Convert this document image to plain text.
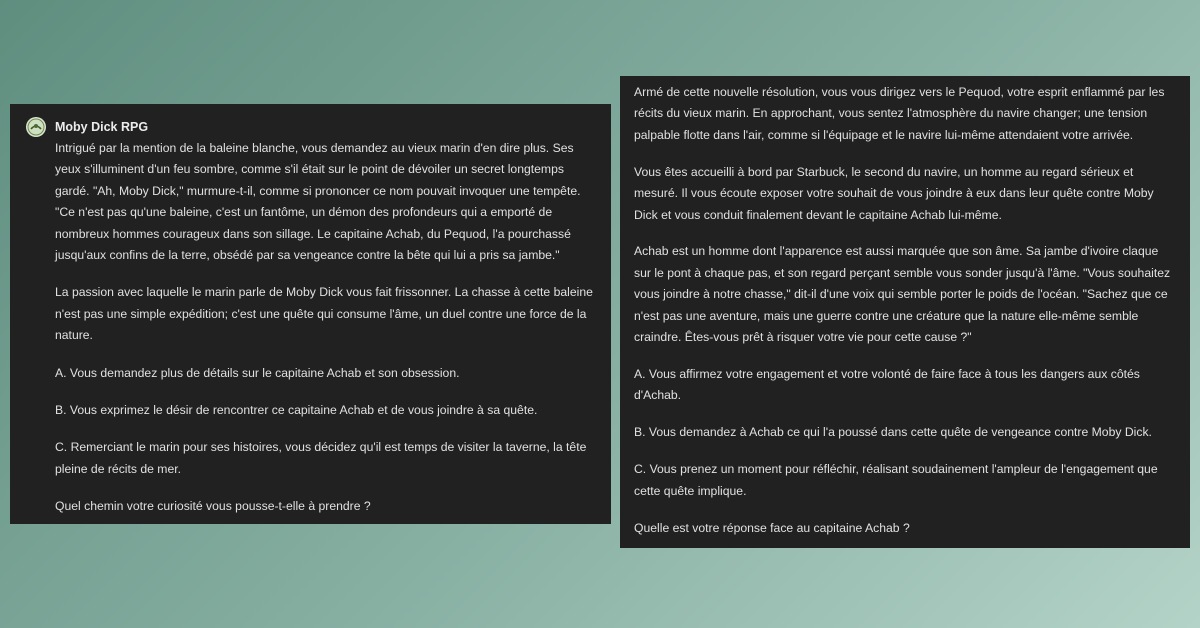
Moby Dick RPG

Intrigué par la mention de la baleine blanche, vous demandez au vieux marin d'en dire plus. Ses yeux s'illuminent d'un feu sombre, comme s'il était sur le point de dévoiler un secret longtemps gardé. "Ah, Moby Dick," murmure-t-il, comme si prononcer ce nom pouvait invoquer une tempête. "Ce n'est pas qu'une baleine, c'est un fantôme, un démon des profondeurs qui a emporté de nombreux hommes courageux dans son sillage. Le capitaine Achab, du Pequod, l'a pourchassé jusqu'aux confins de la terre, obsédé par sa vengeance contre la bête qui lui a pris sa jambe."

La passion avec laquelle le marin parle de Moby Dick vous fait frissonner. La chasse à cette baleine n'est pas une simple expédition; c'est une quête qui consume l'âme, un duel contre une force de la nature.

A. Vous demandez plus de détails sur le capitaine Achab et son obsession.

B. Vous exprimez le désir de rencontrer ce capitaine Achab et de vous joindre à sa quête.

C. Remerciant le marin pour ses histoires, vous décidez qu'il est temps de visiter la taverne, la tête pleine de récits de mer.

Quel chemin votre curiosité vous pousse-t-elle à prendre ?

Armé de cette nouvelle résolution, vous vous dirigez vers le Pequod, votre esprit enflammé par les récits du vieux marin. En approchant, vous sentez l'atmosphère du navire changer; une tension palpable flotte dans l'air, comme si l'équipage et le navire lui-même attendaient votre arrivée.

Vous êtes accueilli à bord par Starbuck, le second du navire, un homme au regard sérieux et mesuré. Il vous écoute exposer votre souhait de vous joindre à eux dans leur quête contre Moby Dick et vous conduit finalement devant le capitaine Achab lui-même.

Achab est un homme dont l'apparence est aussi marquée que son âme. Sa jambe d'ivoire claque sur le pont à chaque pas, et son regard perçant semble vous sonder jusqu'à l'âme. "Vous souhaitez vous joindre à notre chasse," dit-il d'une voix qui semble porter le poids de l'océan. "Sachez que ce n'est pas une aventure, mais une guerre contre une créature que la nature elle-même semble craindre. Êtes-vous prêt à risquer votre vie pour cette cause ?"

A. Vous affirmez votre engagement et votre volonté de faire face à tous les dangers aux côtés d'Achab.

B. Vous demandez à Achab ce qui l'a poussé dans cette quête de vengeance contre Moby Dick.

C. Vous prenez un moment pour réfléchir, réalisant soudainement l'ampleur de l'engagement que cette quête implique.

Quelle est votre réponse face au capitaine Achab ?
